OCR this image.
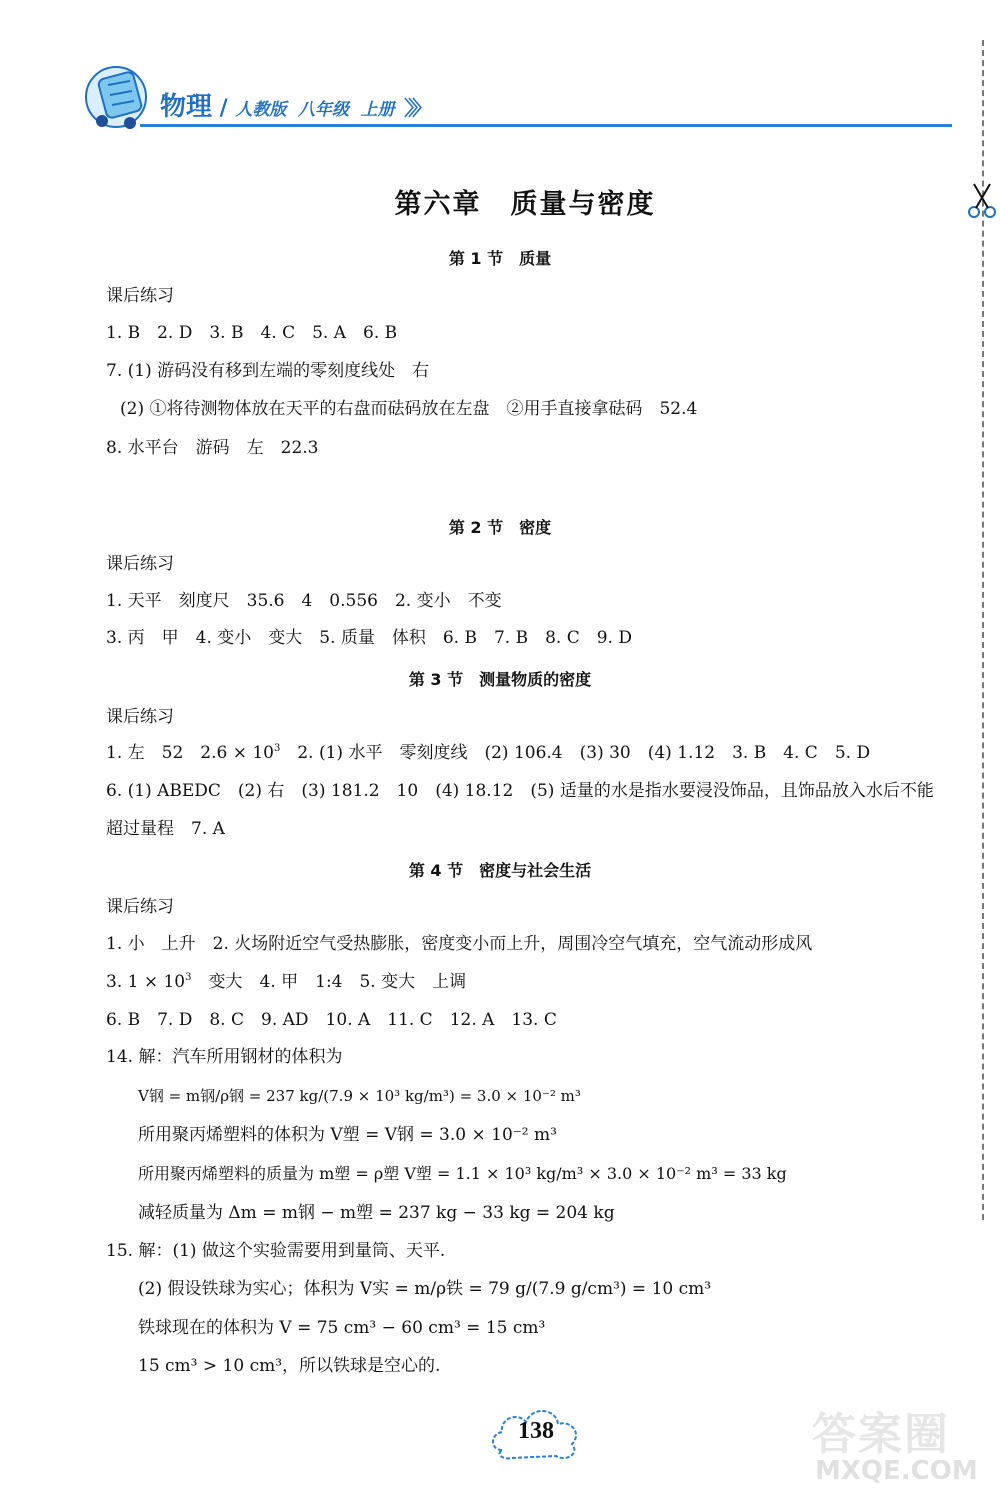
物理 / 人教版 八年级 上册 〉〉〉
第六章　质量与密度
第 1 节　质量
课后练习
1. B　2. D　3. B　4. C　5. A　6. B
7. (1) 游码没有移到左端的零刻度线处　右
(2) ①将待测物体放在天平的右盘而砝码放在左盘　②用手直接拿砝码　52.4
8. 水平台　游码　左　22.3
第 2 节　密度
课后练习
1. 天平　刻度尺　35.6　4　0.556　2. 变小　不变
3. 丙　甲　4. 变小　变大　5. 质量　体积　6. B　7. B　8. C　9. D
第 3 节　测量物质的密度
课后练习
1. 左　52　$2.6 \times 10^3$　2. (1) 水平　零刻度线　(2) 106.4　(3) 30　(4) 1.12　3. B　4. C　5. D
6. (1) ABEDC　(2) 右　(3) 181.2　10　(4) 18.12　(5) 适量的水是指水要浸没饰品，且饰品放入水后不能
超过量程　7. A
第 4 节　密度与社会生活
课后练习
1. 小　上升　2. 火场附近空气受热膨胀，密度变小而上升，周围冷空气填充，空气流动形成风
3. $1 \times 10^3$　变大　4. 甲　1:4　5. 变大　上调
6. B　7. D　8. C　9. AD　10. A　11. C　12. A　13. C
14. 解：汽车所用钢材的体积为
V钢 = m钢/ρ钢 = 237 kg/(7.9 × 10³ kg/m³) = 3.0 × 10⁻² m³
所用聚丙烯塑料的体积为 V塑 = V钢 = 3.0 × 10⁻² m³
所用聚丙烯塑料的质量为 m塑 = ρ塑 V塑 = 1.1 × 10³ kg/m³ × 3.0 × 10⁻² m³ = 33 kg
减轻质量为 Δm = m钢 − m塑 = 237 kg − 33 kg = 204 kg
15. 解：(1) 做这个实验需要用到量筒、天平.
(2) 假设铁球为实心；体积为 V实 = m/ρ铁 = 79 g/(7.9 g/cm³) = 10 cm³
铁球现在的体积为 V = 75 cm³ − 60 cm³ = 15 cm³
15 cm³ > 10 cm³，所以铁球是空心的.
138	答案圈
MXQE.COM
